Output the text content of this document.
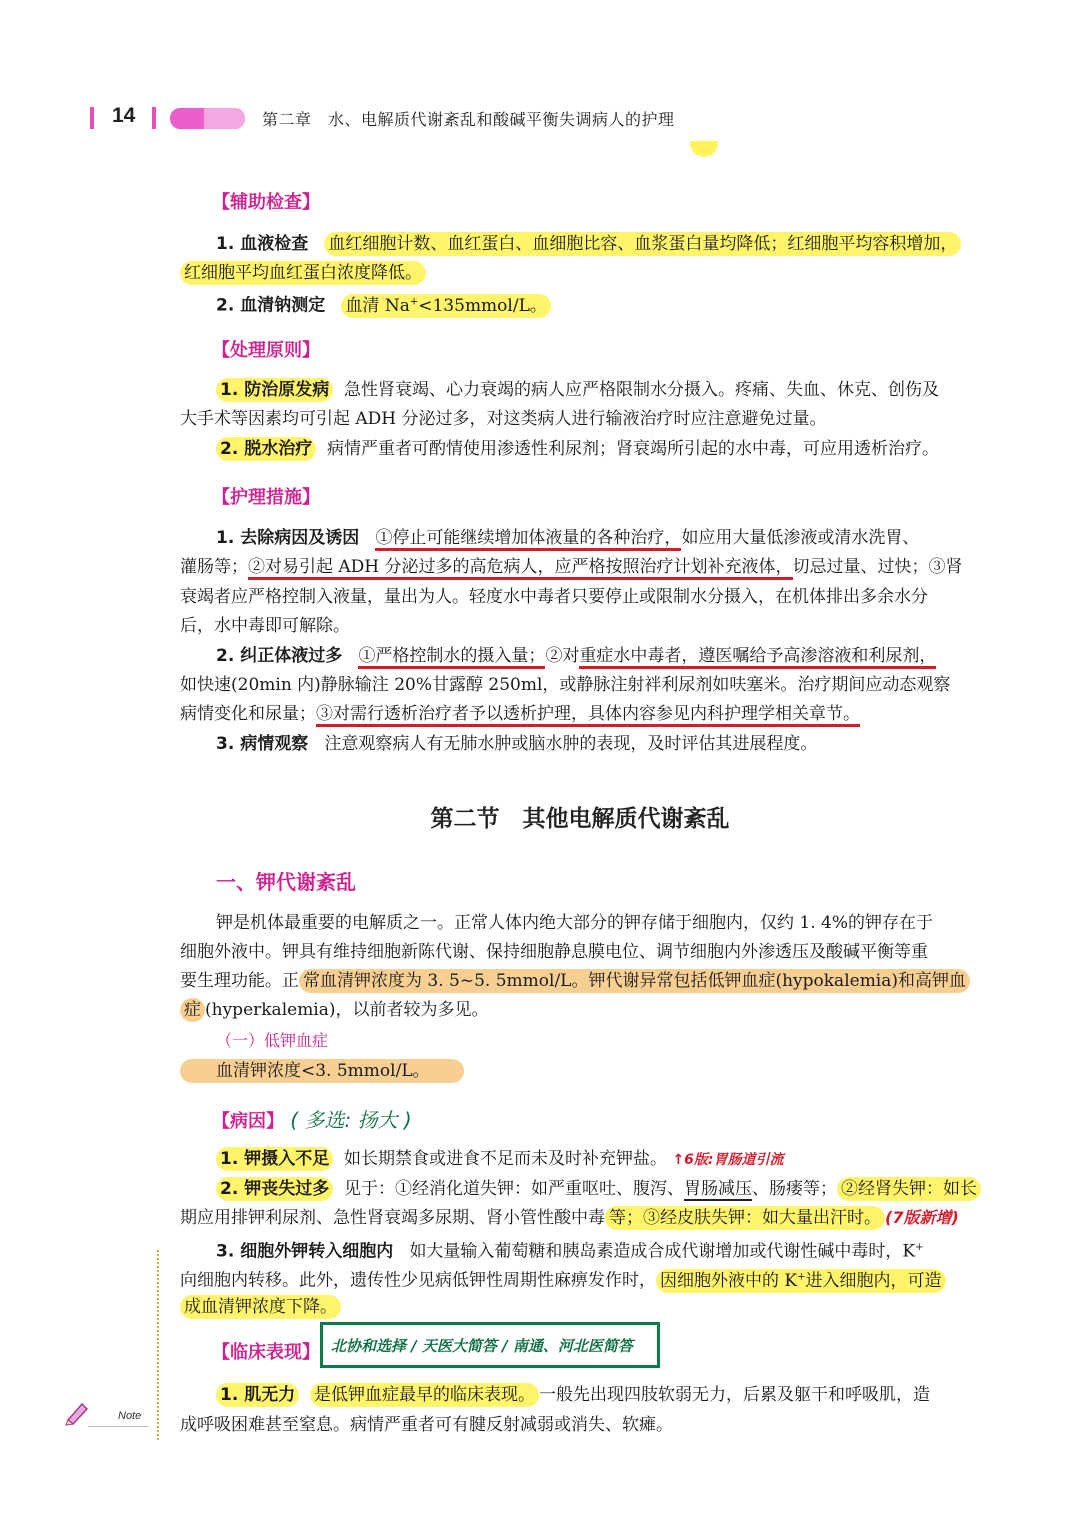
14	第二章　水、电解质代谢紊乱和酸碱平衡失调病人的护理
【辅助检查】
1. 血液检查 血红细胞计数、血红蛋白、血细胞比容、血浆蛋白量均降低；红细胞平均容积增加，
红细胞平均血红蛋白浓度降低。
2. 血清钠测定 血清 Na+<135mmol/L。
【处理原则】
1. 防治原发病 急性肾衰竭、心力衰竭的病人应严格限制水分摄入。疼痛、失血、休克、创伤及
大手术等因素均可引起 ADH 分泌过多，对这类病人进行输液治疗时应注意避免过量。
2. 脱水治疗 病情严重者可酌情使用渗透性利尿剂；肾衰竭所引起的水中毒，可应用透析治疗。
【护理措施】
1. 去除病因及诱因 ①停止可能继续增加体液量的各种治疗，如应用大量低渗液或清水洗胃、
灌肠等；②对易引起 ADH 分泌过多的高危病人，应严格按照治疗计划补充液体，切忌过量、过快；③肾
衰竭者应严格控制入液量，量出为人。轻度水中毒者只要停止或限制水分摄入，在机体排出多余水分
后，水中毒即可解除。
2. 纠正体液过多 ①严格控制水的摄入量；②对重症水中毒者，遵医嘱给予高渗溶液和利尿剂，
如快速(20min 内)静脉输注 20%甘露醇 250ml，或静脉注射袢利尿剂如呋塞米。治疗期间应动态观察
病情变化和尿量；③对需行透析治疗者予以透析护理，具体内容参见内科护理学相关章节。
3. 病情观察 注意观察病人有无肺水肿或脑水肿的表现，及时评估其进展程度。
第二节　其他电解质代谢紊乱
一、钾代谢紊乱
钾是机体最重要的电解质之一。正常人体内绝大部分的钾存储于细胞内，仅约 1. 4%的钾存在于
细胞外液中。钾具有维持细胞新陈代谢、保持细胞静息膜电位、调节细胞内外渗透压及酸碱平衡等重
要生理功能。正 常血清钾浓度为 3. 5~5. 5mmol/L。钾代谢异常包括低钾血症(hypokalemia)和高钾血
症 (hyperkalemia)，以前者较为多见。
（一）低钾血症
血清钾浓度<3. 5mmol/L。
【病因】 ( 多选: 扬大 )
1. 钾摄入不足 如长期禁食或进食不足而未及时补充钾盐。 ↑6版:胃肠道引流
2. 钾丧失过多 见于：①经消化道失钾：如严重呕吐、腹泻、胃肠减压、肠瘘等； ②经肾失钾：如长
期应用排钾利尿剂、急性肾衰竭多尿期、肾小管性酸中毒 等；③经皮肤失钾：如大量出汗时。 (7版新增)
3. 细胞外钾转入细胞内 如大量输入葡萄糖和胰岛素造成合成代谢增加或代谢性碱中毒时，K+
向细胞内转移。此外，遗传性少见病低钾性周期性麻痹发作时， 因细胞外液中的 K+进入细胞内，可造
成血清钾浓度下降。
【临床表现】 北协和选择 / 天医大简答 / 南通、河北医简答
1. 肌无力 是低钾血症最早的临床表现。 一般先出现四肢软弱无力，后累及躯干和呼吸肌，造
成呼吸困难甚至窒息。病情严重者可有腱反射减弱或消失、软瘫。
Note
